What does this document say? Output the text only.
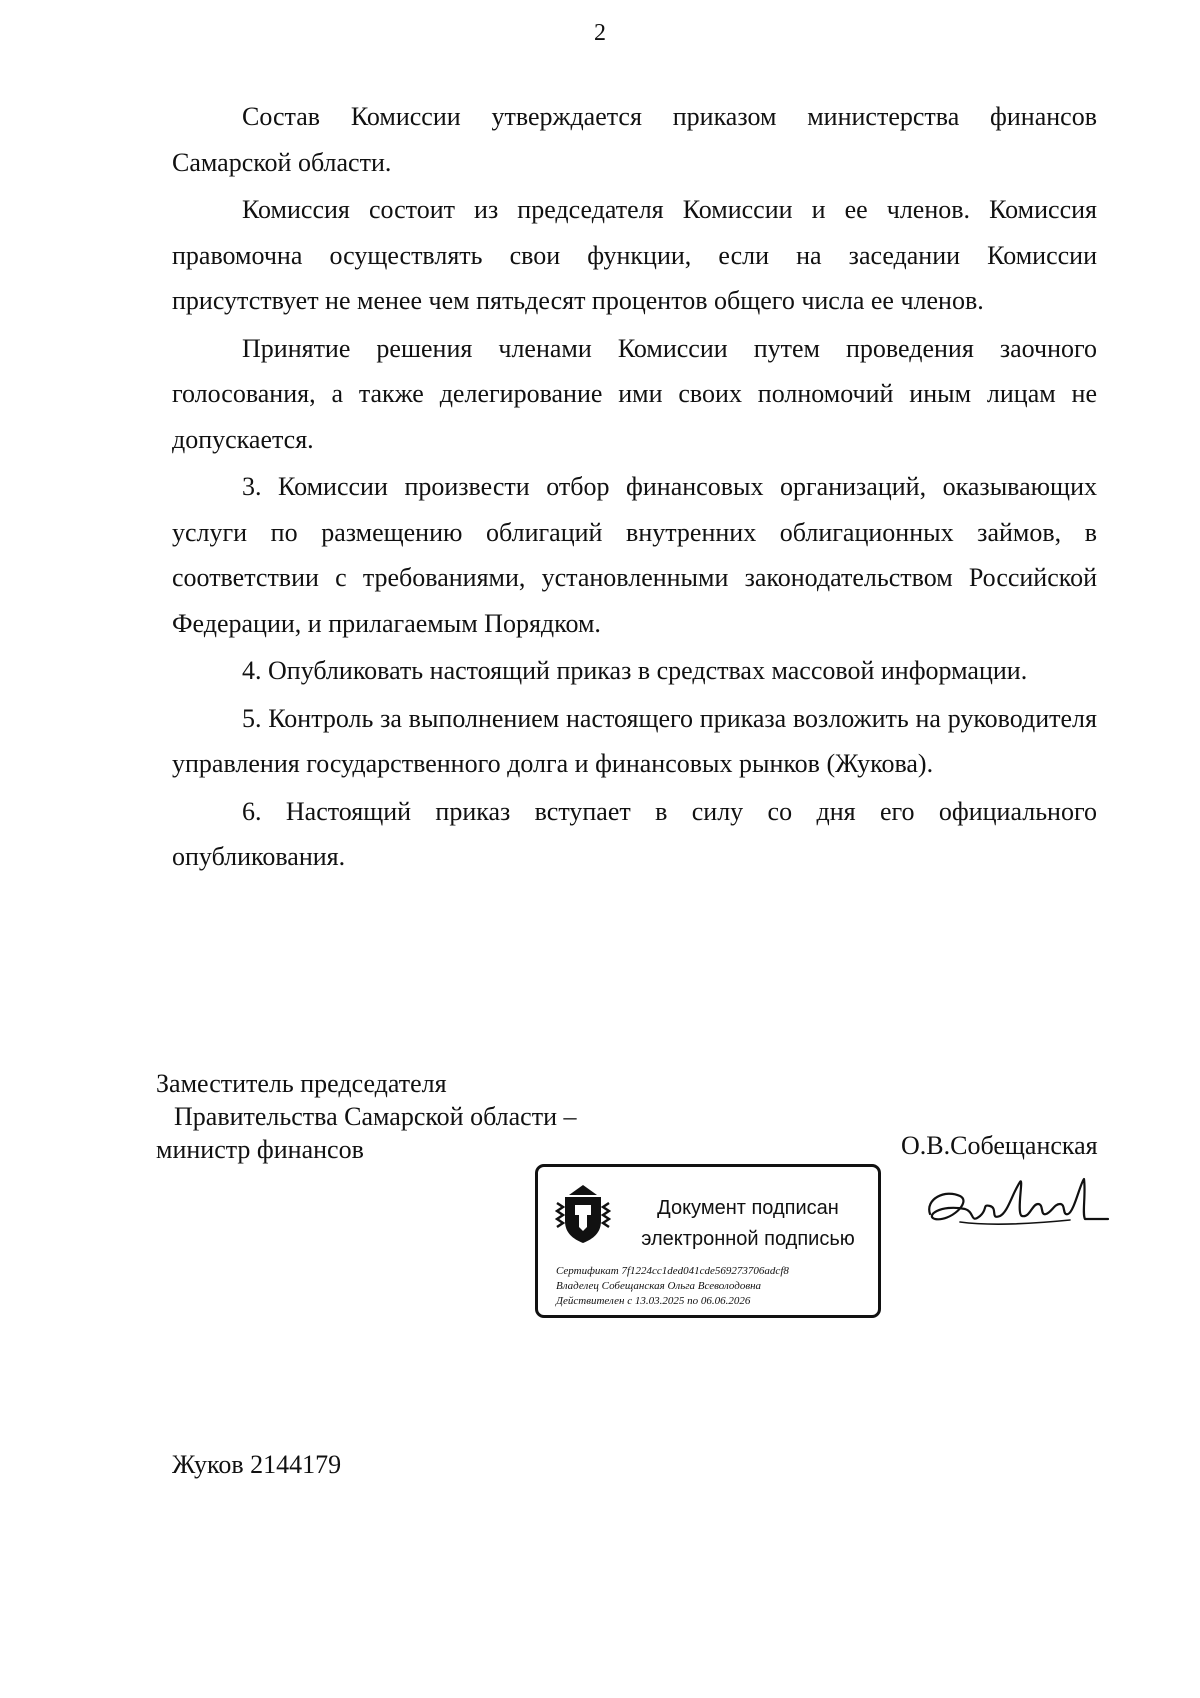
2

Состав Комиссии утверждается приказом министерства финансов Самарской области.

Комиссия состоит из председателя Комиссии и ее членов. Комиссия правомочна осуществлять свои функции, если на заседании Комиссии присутствует не менее чем пятьдесят процентов общего числа ее членов.

Принятие решения членами Комиссии путем проведения заочного голосования, а также делегирование ими своих полномочий иным лицам не допускается.

3. Комиссии произвести отбор финансовых организаций, оказывающих услуги по размещению облигаций внутренних облигационных займов, в соответствии с требованиями, установленными законодательством Российской Федерации, и прилагаемым Порядком.

4. Опубликовать настоящий приказ в средствах массовой информации.

5. Контроль за выполнением настоящего приказа возложить на руководителя управления государственного долга и финансовых рынков (Жукова).

6. Настоящий приказ вступает в силу со дня его официального опубликования.

Заместитель председателя
Правительства Самарской области –
министр финансов	О.В.Собещанская
Документ подписан
электронной подписью
Сертификат 7f1224cc1ded041cde569273706adcf8
Владелец Собещанская Ольга Всеволодовна
Действителен с 13.03.2025 по 06.06.2026
Жуков 2144179
